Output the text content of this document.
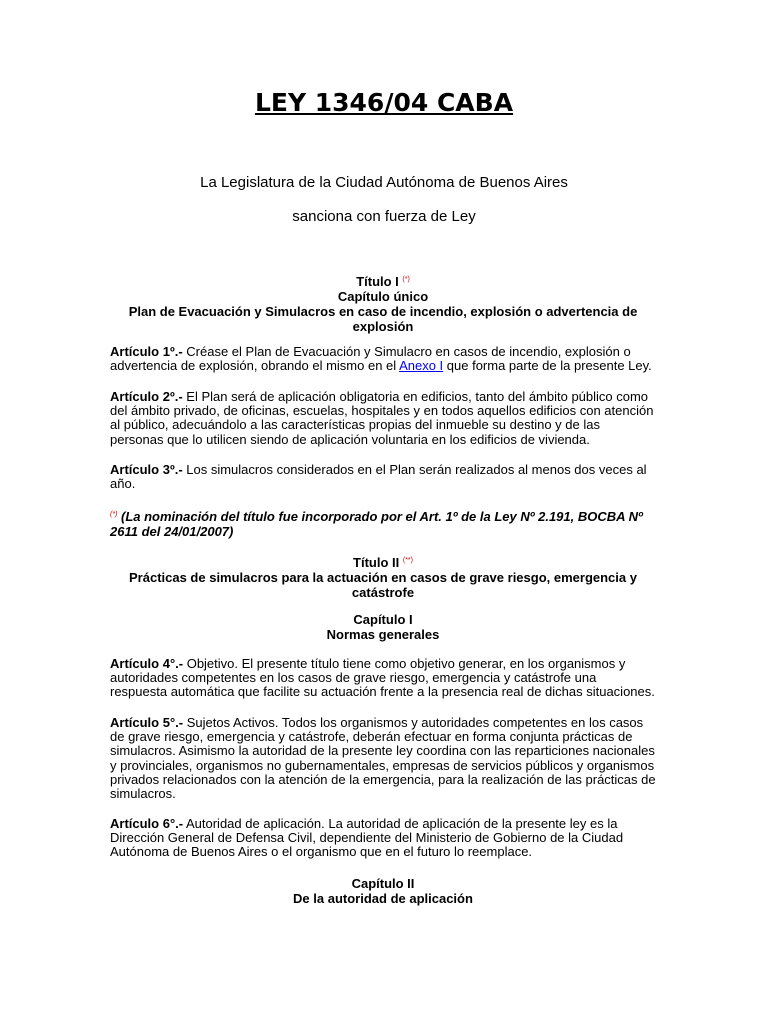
LEY 1346/04 CABA

La Legislatura de la Ciudad Autónoma de Buenos Aires

sanciona con fuerza de Ley

Título I (*)
Capítulo único
Plan de Evacuación y Simulacros en caso de incendio, explosión o advertencia de explosión

Artículo 1º.- Créase el Plan de Evacuación y Simulacro en casos de incendio, explosión o advertencia de explosión, obrando el mismo en el Anexo I que forma parte de la presente Ley.

Artículo 2º.- El Plan será de aplicación obligatoria en edificios, tanto del ámbito público como del ámbito privado, de oficinas, escuelas, hospitales y en todos aquellos edificios con atención al público, adecuándolo a las características propias del inmueble su destino y de las personas que lo utilicen siendo de aplicación voluntaria en los edificios de vivienda.

Artículo 3º.- Los simulacros considerados en el Plan serán realizados al menos dos veces al año.

(*) (La nominación del título fue incorporado por el Art. 1º de la Ley Nº 2.191, BOCBA Nº 2611 del 24/01/2007)

Título II (**)
Prácticas de simulacros para la actuación en casos de grave riesgo, emergencia y catástrofe
Capítulo I
Normas generales

Artículo 4°.- Objetivo. El presente título tiene como objetivo generar, en los organismos y autoridades competentes en los casos de grave riesgo, emergencia y catástrofe una respuesta automática que facilite su actuación frente a la presencia real de dichas situaciones.

Artículo 5°.- Sujetos Activos. Todos los organismos y autoridades competentes en los casos de grave riesgo, emergencia y catástrofe, deberán efectuar en forma conjunta prácticas de simulacros. Asimismo la autoridad de la presente ley coordina con las reparticiones nacionales y provinciales, organismos no gubernamentales, empresas de servicios públicos y organismos privados relacionados con la atención de la emergencia, para la realización de las prácticas de simulacros.

Artículo 6°.- Autoridad de aplicación. La autoridad de aplicación de la presente ley es la Dirección General de Defensa Civil, dependiente del Ministerio de Gobierno de la Ciudad Autónoma de Buenos Aires o el organismo que en el futuro lo reemplace.

Capítulo II
De la autoridad de aplicación
